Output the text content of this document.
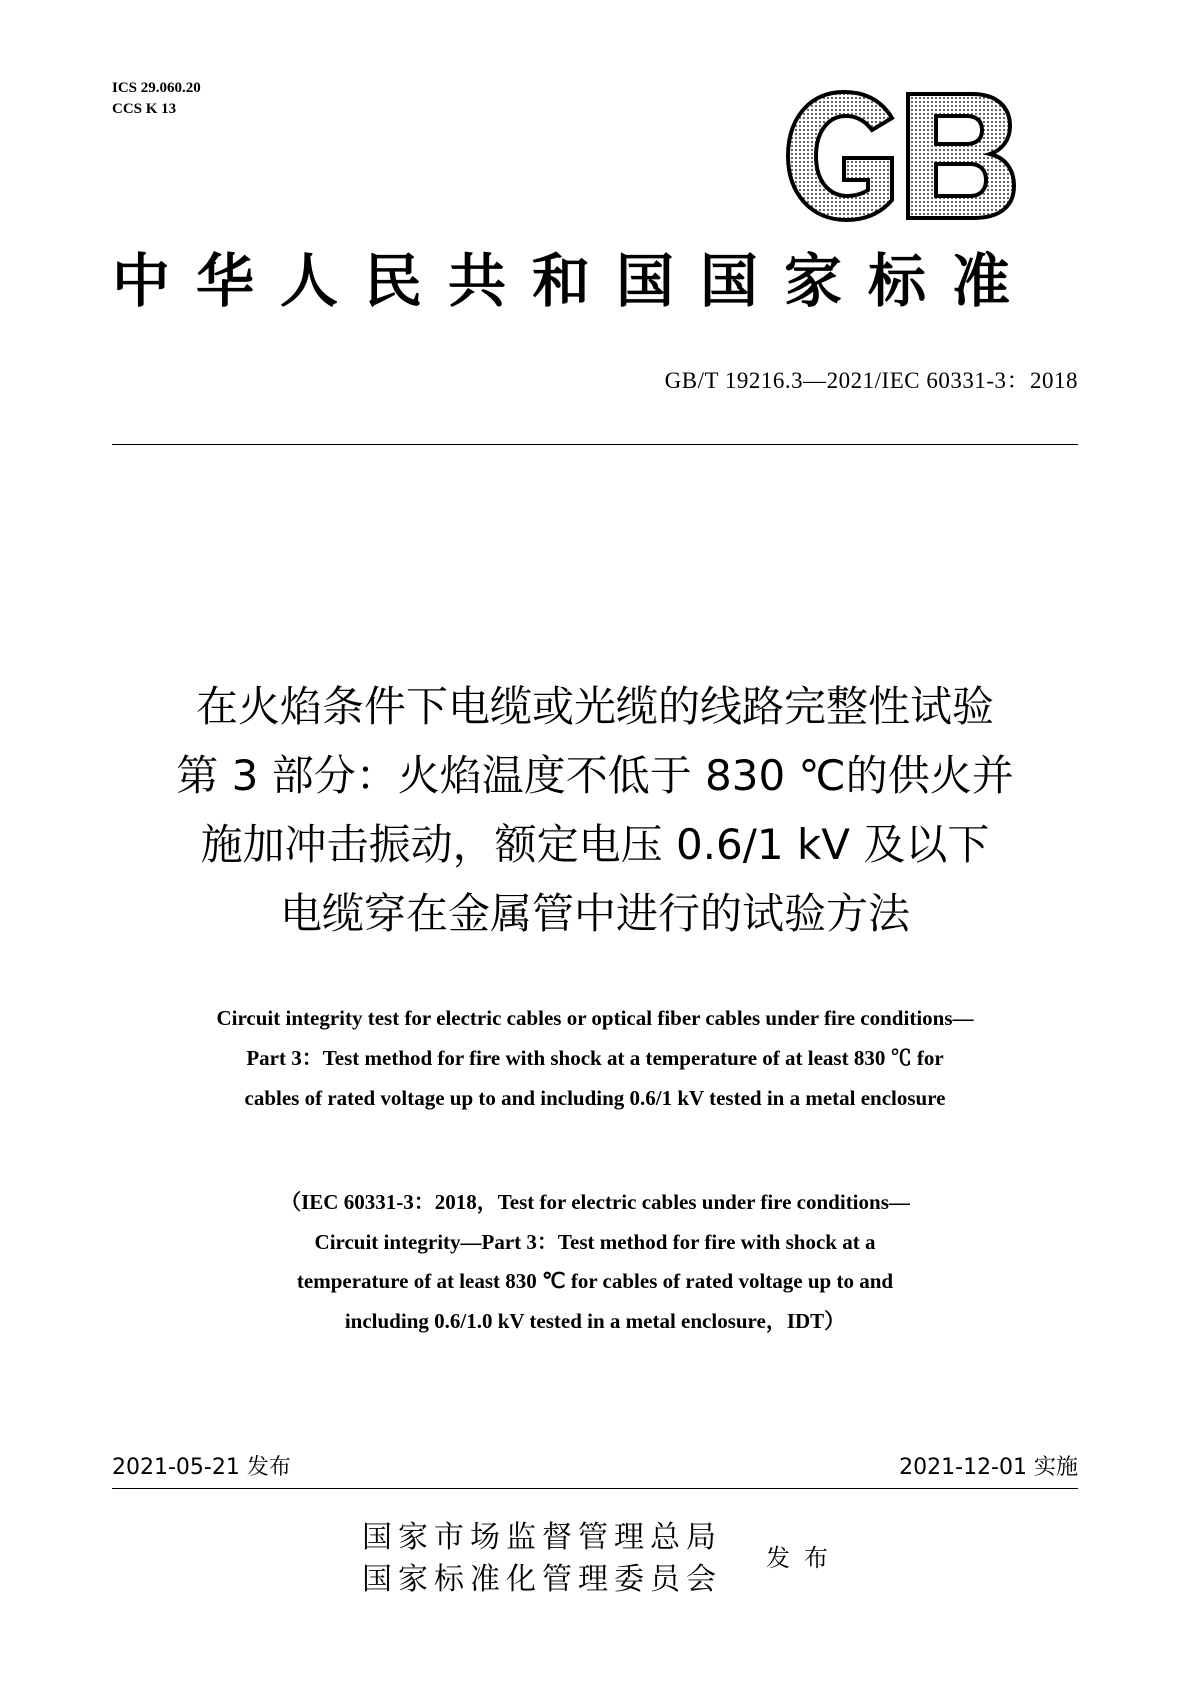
ICS 29.060.20
CCS K 13
中华人民共和国国家标准
GB/T 19216.3—2021/IEC 60331-3：2018
在火焰条件下电缆或光缆的线路完整性试验
第 3 部分：火焰温度不低于 830 ℃的供火并
施加冲击振动，额定电压 0.6/1 kV 及以下
电缆穿在金属管中进行的试验方法
Circuit integrity test for electric cables or optical fiber cables under fire conditions—
Part 3：Test method for fire with shock at a temperature of at least 830 ℃ for
cables of rated voltage up to and including 0.6/1 kV tested in a metal enclosure
（IEC 60331-3：2018，Test for electric cables under fire conditions—
Circuit integrity—Part 3：Test method for fire with shock at a
temperature of at least 830 ℃ for cables of rated voltage up to and
including 0.6/1.0 kV tested in a metal enclosure，IDT）
2021-05-21 发布	2021-12-01 实施
国家市场监督管理总局
国家标准化管理委员会
发布
